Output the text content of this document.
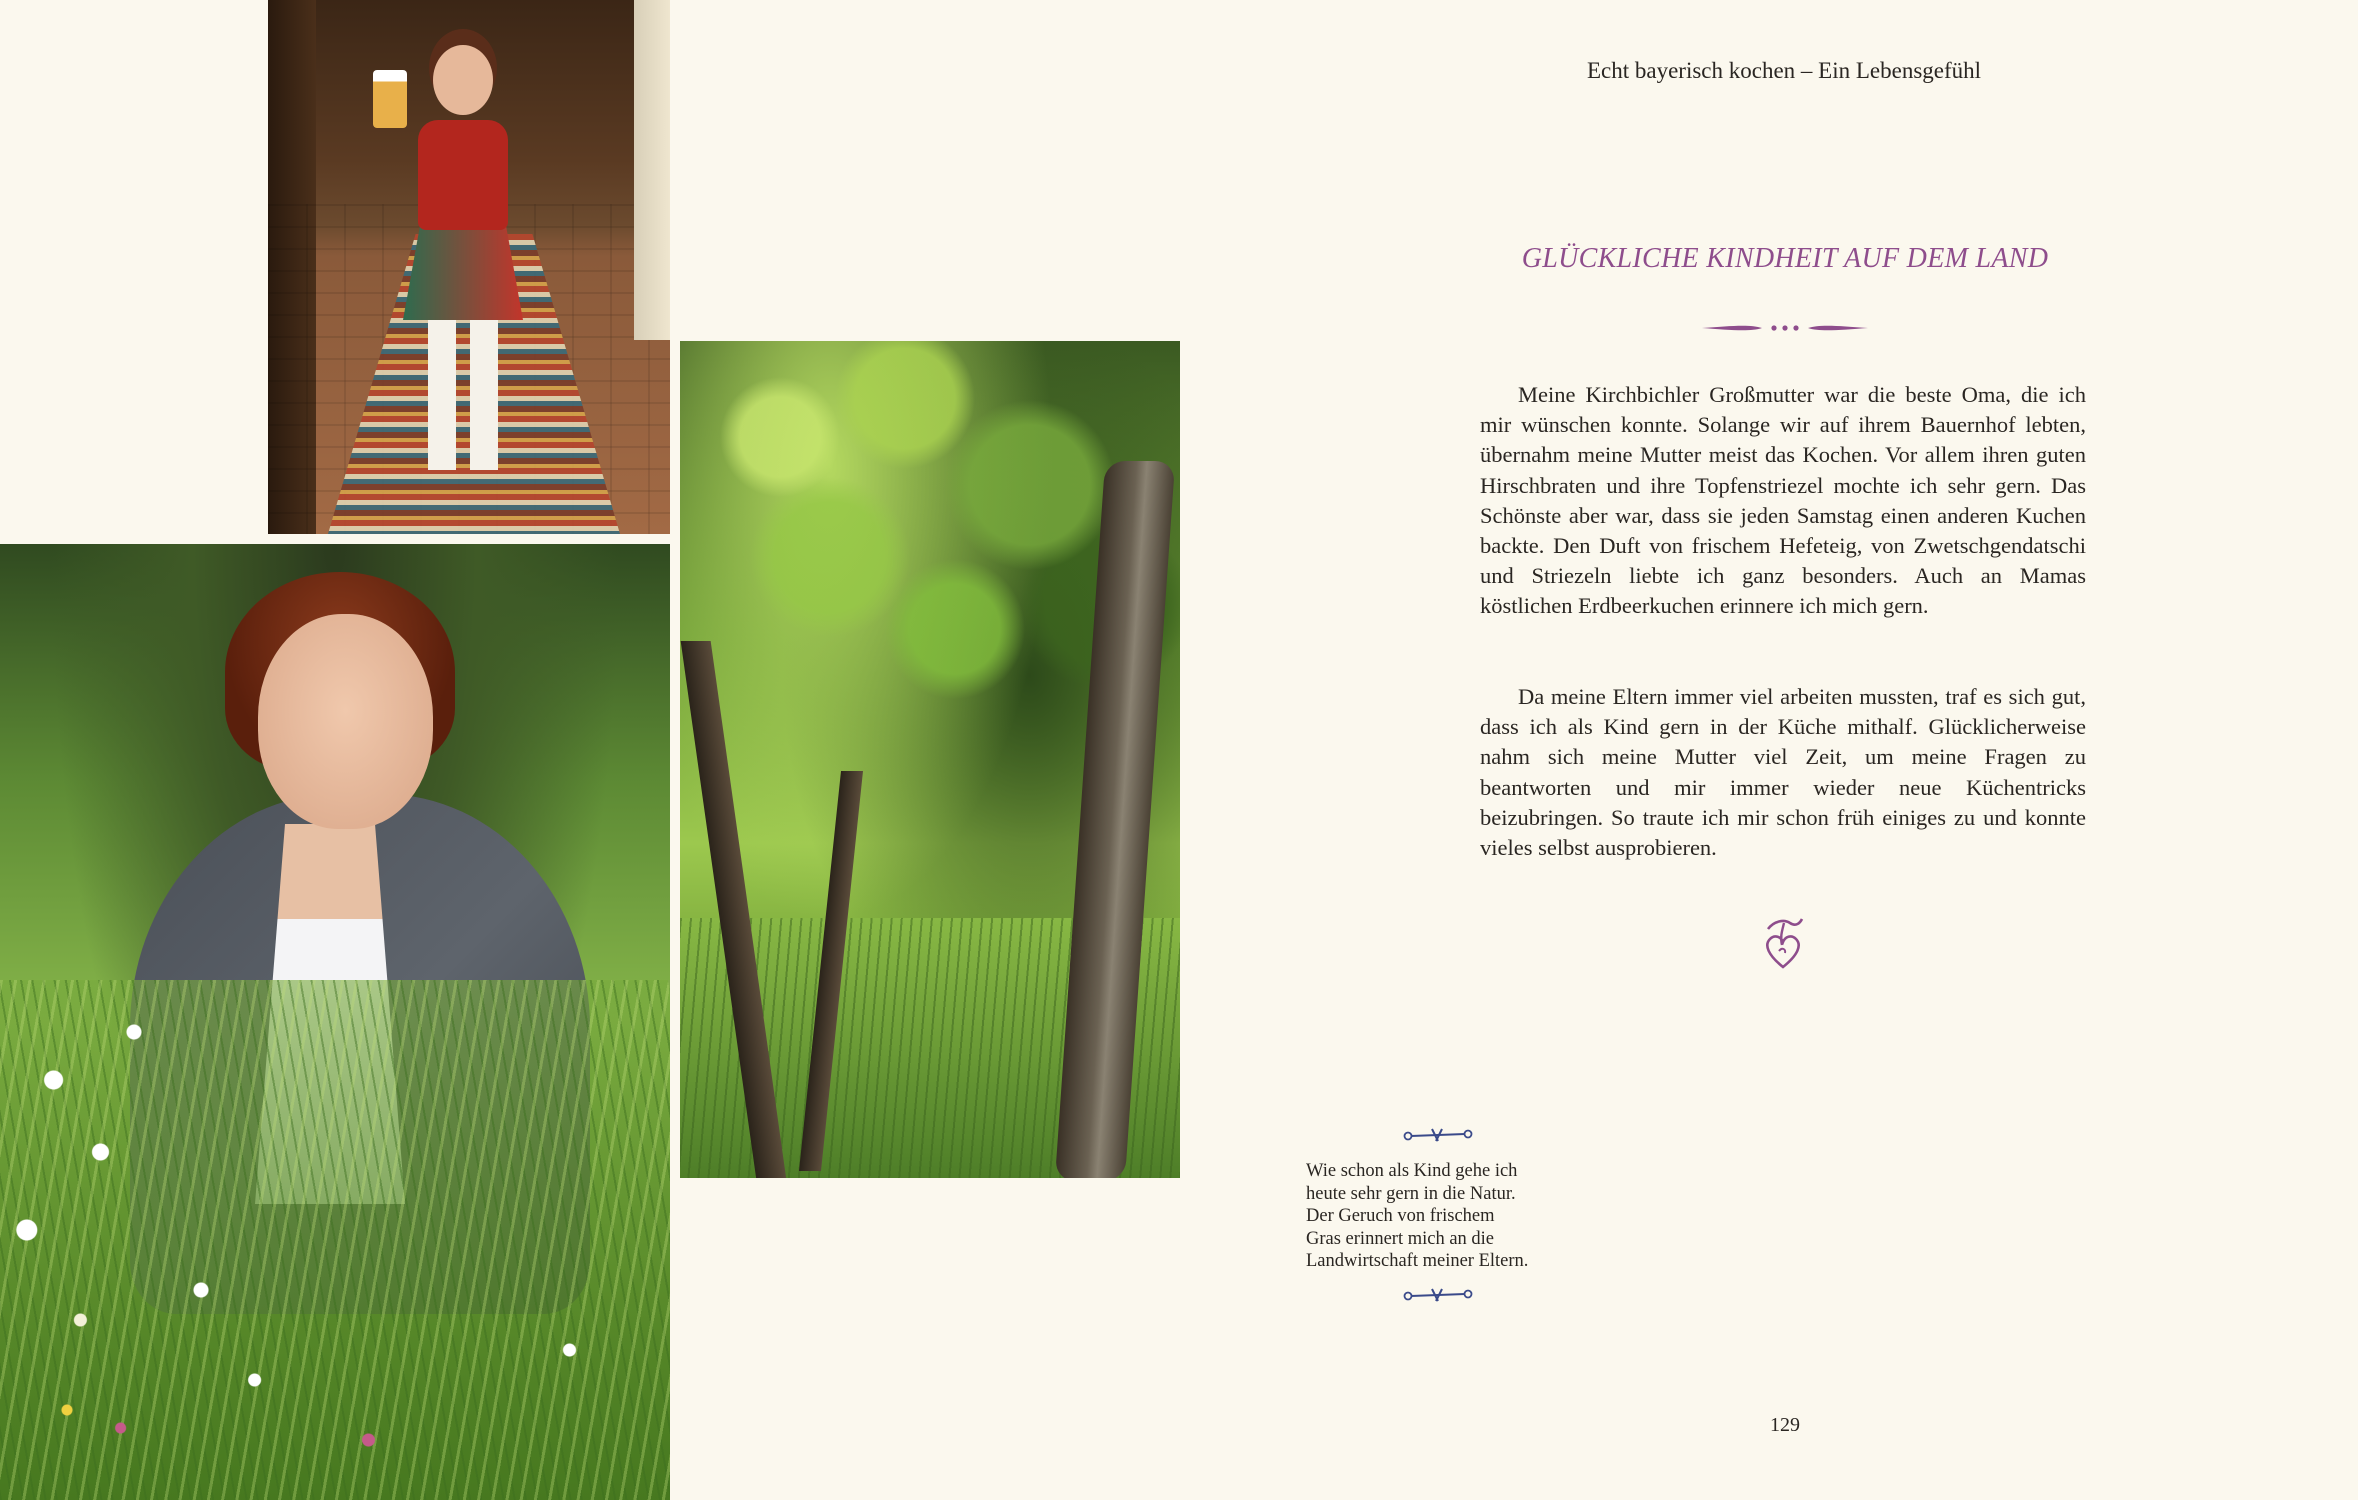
Echt bayerisch kochen – Ein Lebensgefühl
GLÜCKLICHE KINDHEIT AUF DEM LAND

Meine Kirchbichler Großmutter war die beste Oma, die ich mir wünschen konnte. Solange wir auf ihrem Bauernhof lebten, übernahm meine Mutter meist das Kochen. Vor allem ihren guten Hirschbraten und ihre Topfenstriezel mochte ich sehr gern. Das Schönste aber war, dass sie jeden Samstag einen anderen Kuchen backte. Den Duft von frischem Hefeteig, von Zwetschgendatschi und Striezeln liebte ich ganz besonders. Auch an Mamas köstlichen Erdbeerkuchen erinnere ich mich gern.

Da meine Eltern immer viel arbeiten mussten, traf es sich gut, dass ich als Kind gern in der Küche mithalf. Glücklicherweise nahm sich meine Mutter viel Zeit, um meine Fragen zu beantworten und mir immer wieder neue Küchentricks beizubringen. So traute ich mir schon früh einiges zu und konnte vieles selbst ausprobieren.

Wie schon als Kind gehe ich
heute sehr gern in die Natur.
Der Geruch von frischem
Gras erinnert mich an die
Landwirtschaft meiner Eltern.
129
